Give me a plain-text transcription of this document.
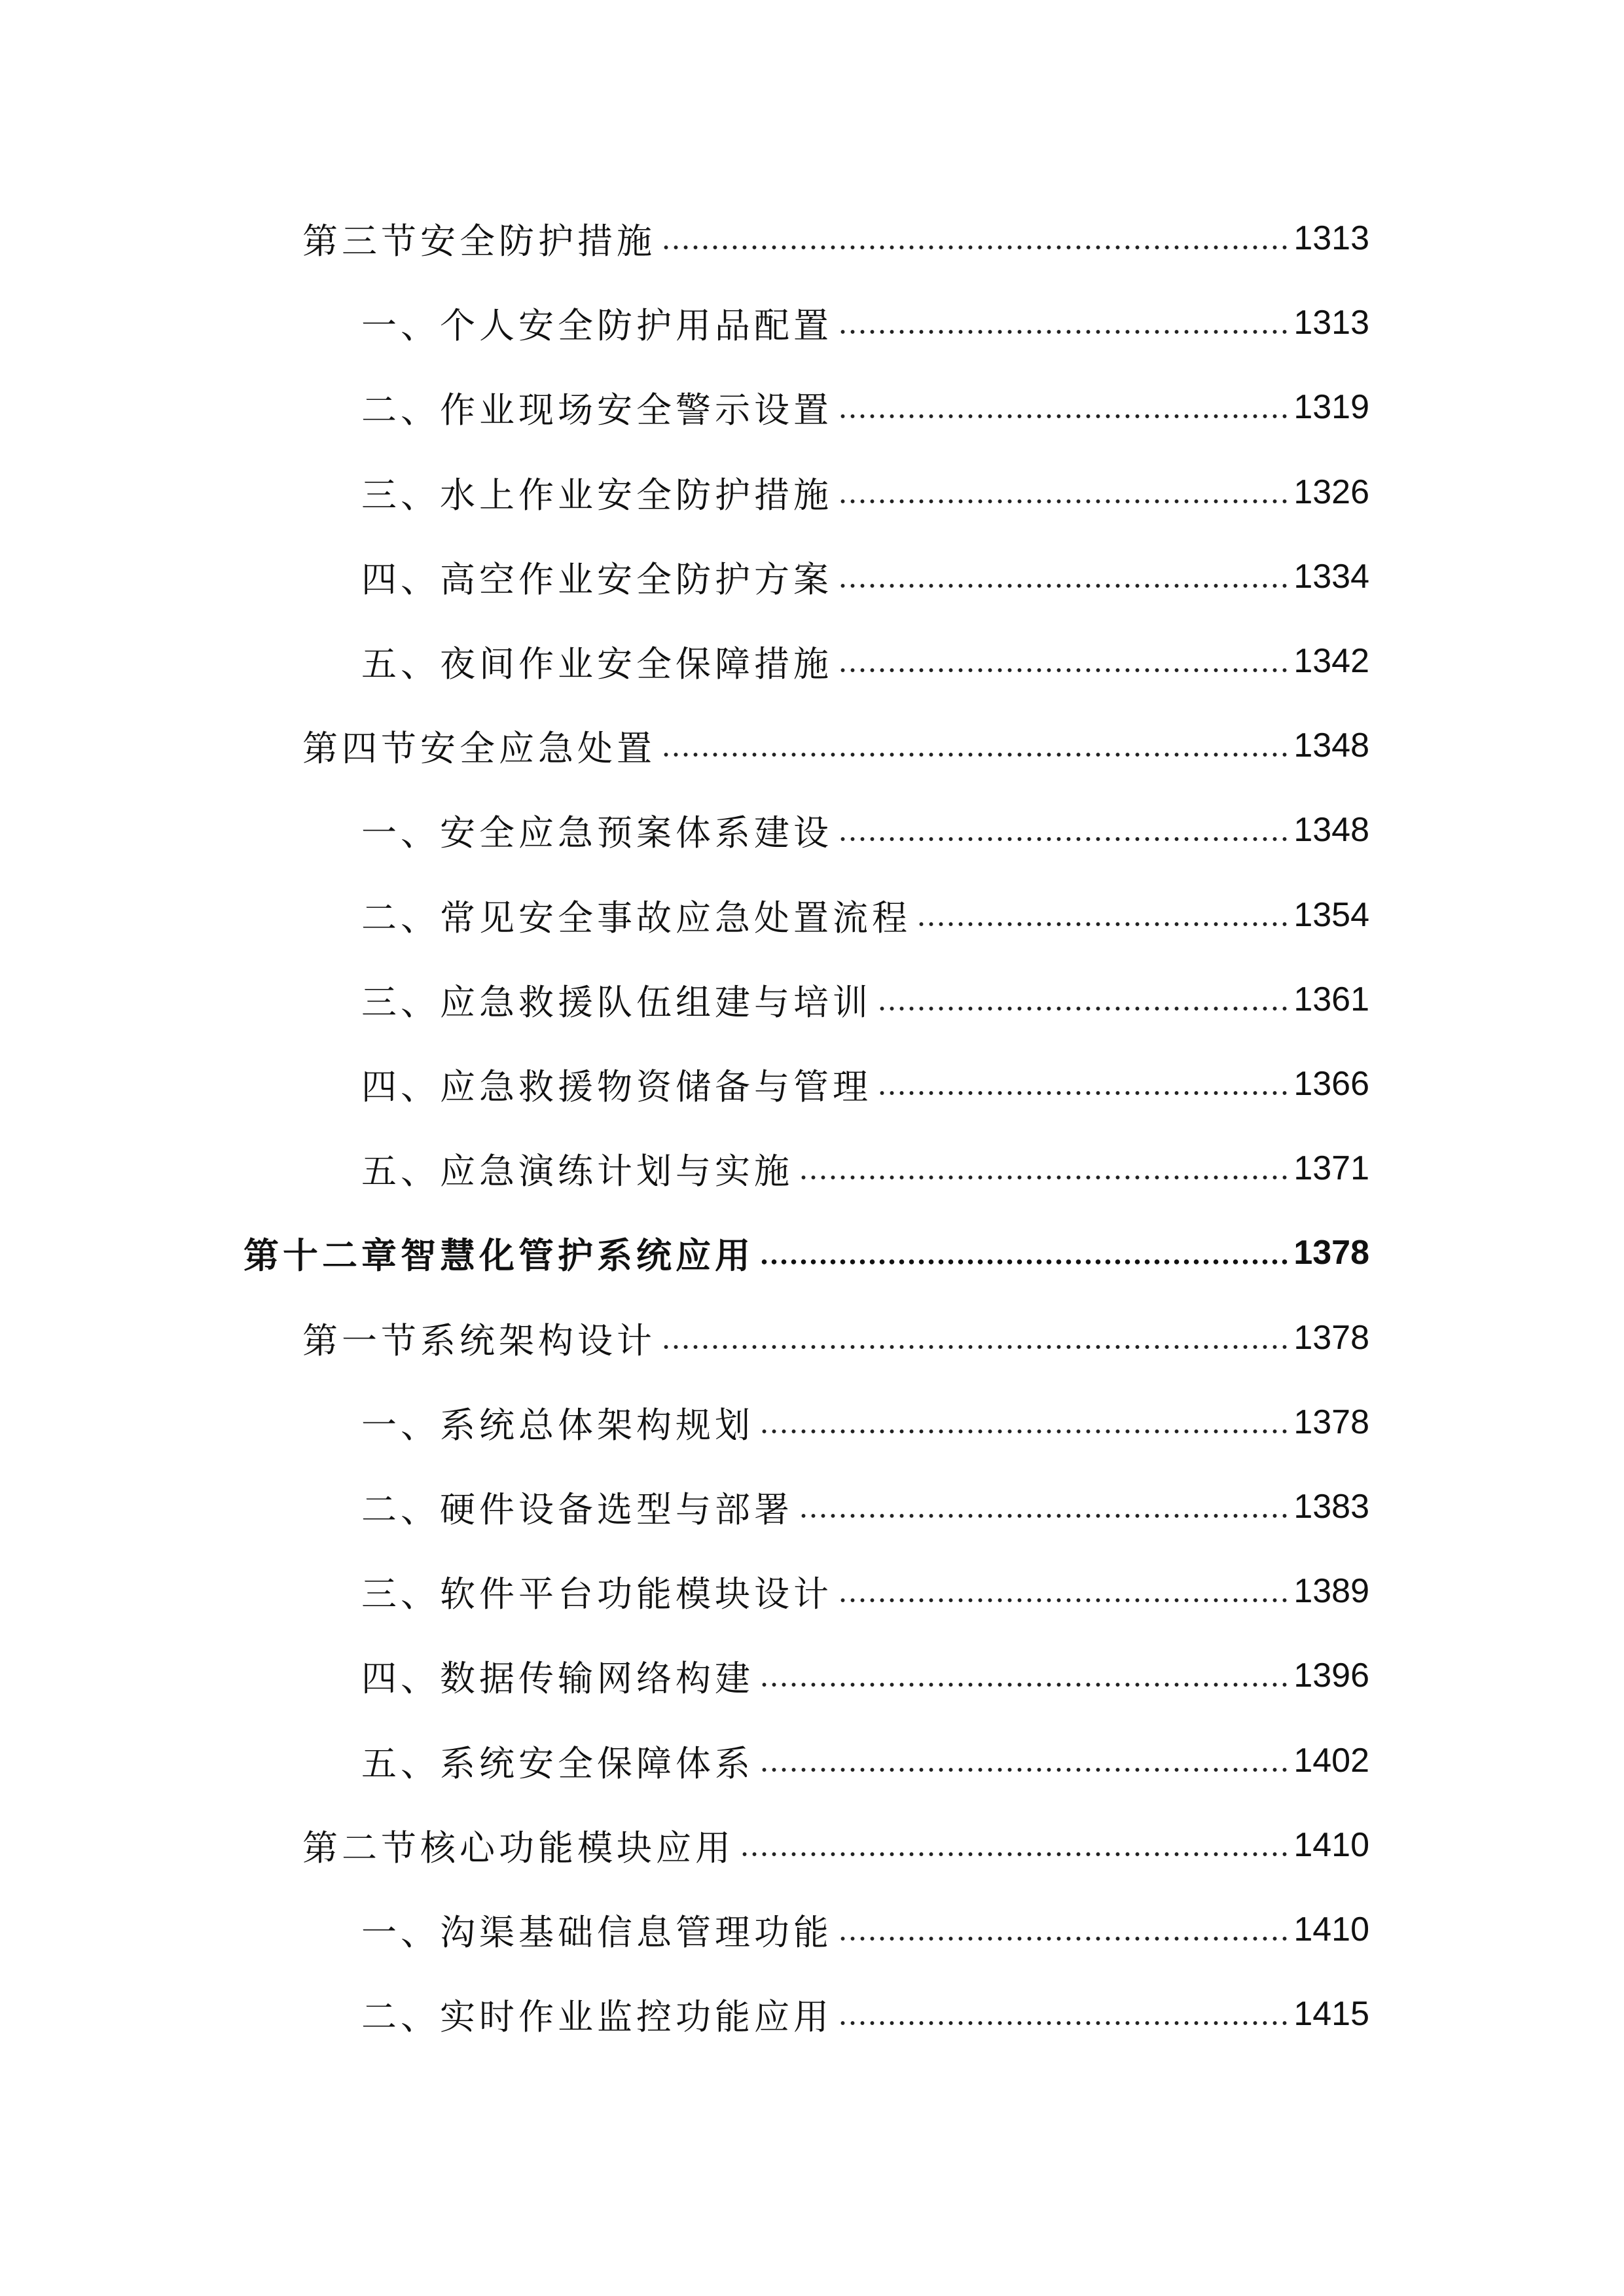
第三节安全防护措施	1313
一、个人安全防护用品配置	1313
二、作业现场安全警示设置	1319
三、水上作业安全防护措施	1326
四、高空作业安全防护方案	1334
五、夜间作业安全保障措施	1342
第四节安全应急处置	1348
一、安全应急预案体系建设	1348
二、常见安全事故应急处置流程	1354
三、应急救援队伍组建与培训	1361
四、应急救援物资储备与管理	1366
五、应急演练计划与实施	1371
第十二章智慧化管护系统应用	1378
第一节系统架构设计	1378
一、系统总体架构规划	1378
二、硬件设备选型与部署	1383
三、软件平台功能模块设计	1389
四、数据传输网络构建	1396
五、系统安全保障体系	1402
第二节核心功能模块应用	1410
一、沟渠基础信息管理功能	1410
二、实时作业监控功能应用	1415
